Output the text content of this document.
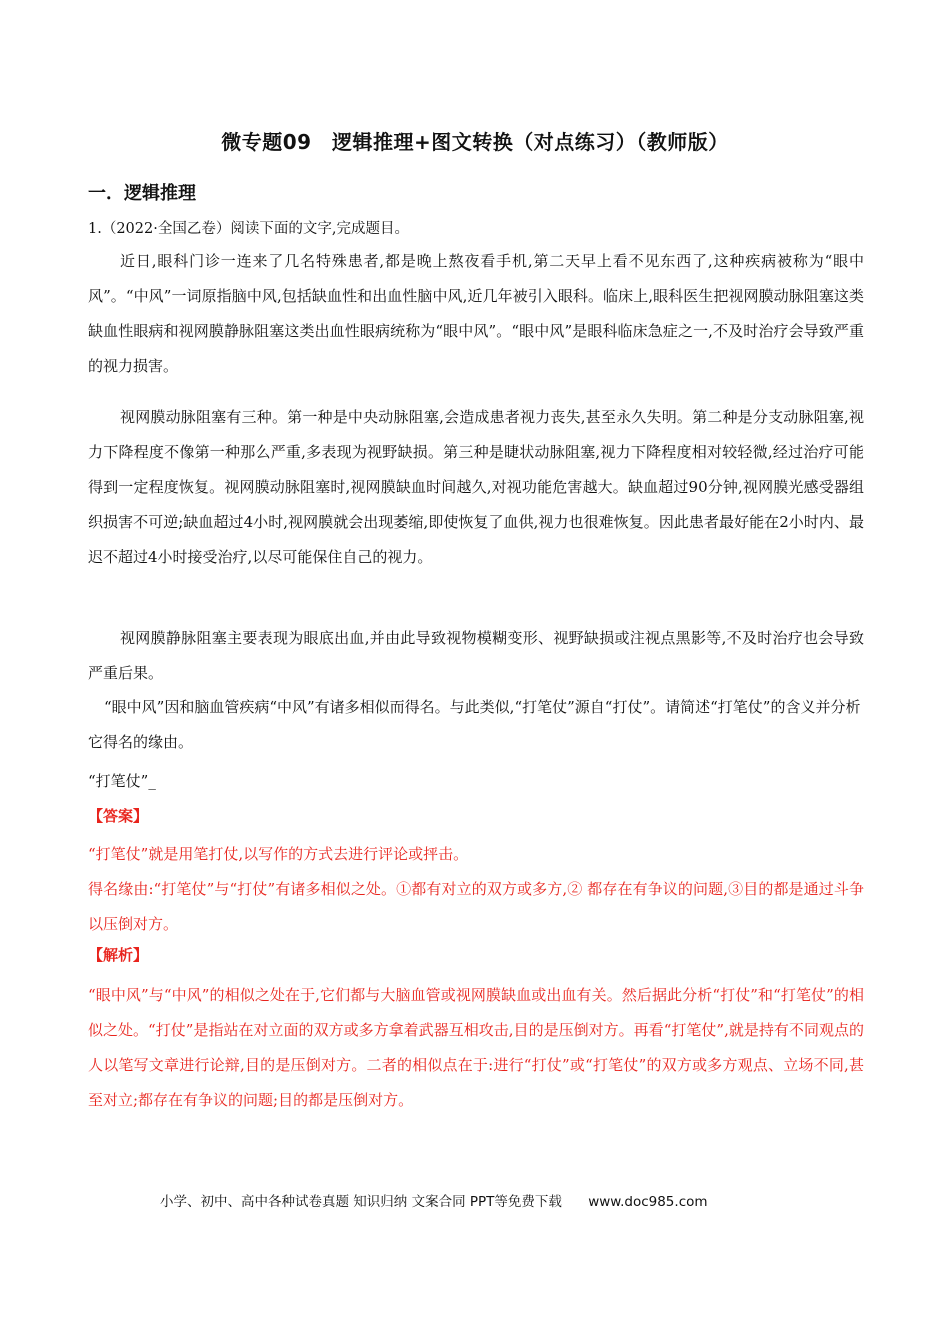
微专题09　逻辑推理+图文转换（对点练习）（教师版）
一．逻辑推理
1.（2022·全国乙卷）阅读下面的文字,完成题目。

近日,眼科门诊一连来了几名特殊患者,都是晚上熬夜看手机,第二天早上看不见东西了,这种疾病被称为“眼中风”。“中风”一词原指脑中风,包括缺血性和出血性脑中风,近几年被引入眼科。临床上,眼科医生把视网膜动脉阻塞这类缺血性眼病和视网膜静脉阻塞这类出血性眼病统称为“眼中风”。“眼中风”是眼科临床急症之一,不及时治疗会导致严重的视力损害。

视网膜动脉阻塞有三种。第一种是中央动脉阻塞,会造成患者视力丧失,甚至永久失明。第二种是分支动脉阻塞,视力下降程度不像第一种那么严重,多表现为视野缺损。第三种是睫状动脉阻塞,视力下降程度相对较轻微,经过治疗可能得到一定程度恢复。视网膜动脉阻塞时,视网膜缺血时间越久,对视功能危害越大。缺血超过90分钟,视网膜光感受器组织损害不可逆;缺血超过4小时,视网膜就会出现萎缩,即使恢复了血供,视力也很难恢复。因此患者最好能在2小时内、最迟不超过4小时接受治疗,以尽可能保住自己的视力。

视网膜静脉阻塞主要表现为眼底出血,并由此导致视物模糊变形、视野缺损或注视点黑影等,不及时治疗也会导致严重后果。

“眼中风”因和脑血管疾病“中风”有诸多相似而得名。与此类似,“打笔仗”源自“打仗”。请简述“打笔仗”的含义并分析它得名的缘由。

“打笔仗”_
【答案】

“打笔仗”就是用笔打仗,以写作的方式去进行评论或抨击。

得名缘由:“打笔仗”与“打仗”有诸多相似之处。①都有对立的双方或多方,② 都存在有争议的问题,③目的都是通过斗争以压倒对方。

【解析】

“眼中风”与“中风”的相似之处在于,它们都与大脑血管或视网膜缺血或出血有关。然后据此分析“打仗”和“打笔仗”的相似之处。“打仗”是指站在对立面的双方或多方拿着武器互相攻击,目的是压倒对方。再看“打笔仗”,就是持有不同观点的人以笔写文章进行论辩,目的是压倒对方。二者的相似点在于:进行“打仗”或“打笔仗”的双方或多方观点、立场不同,甚至对立;都存在有争议的问题;目的都是压倒对方。

小学、初中、高中各种试卷真题 知识归纳 文案合同 PPT等免费下载 www.doc985.com
